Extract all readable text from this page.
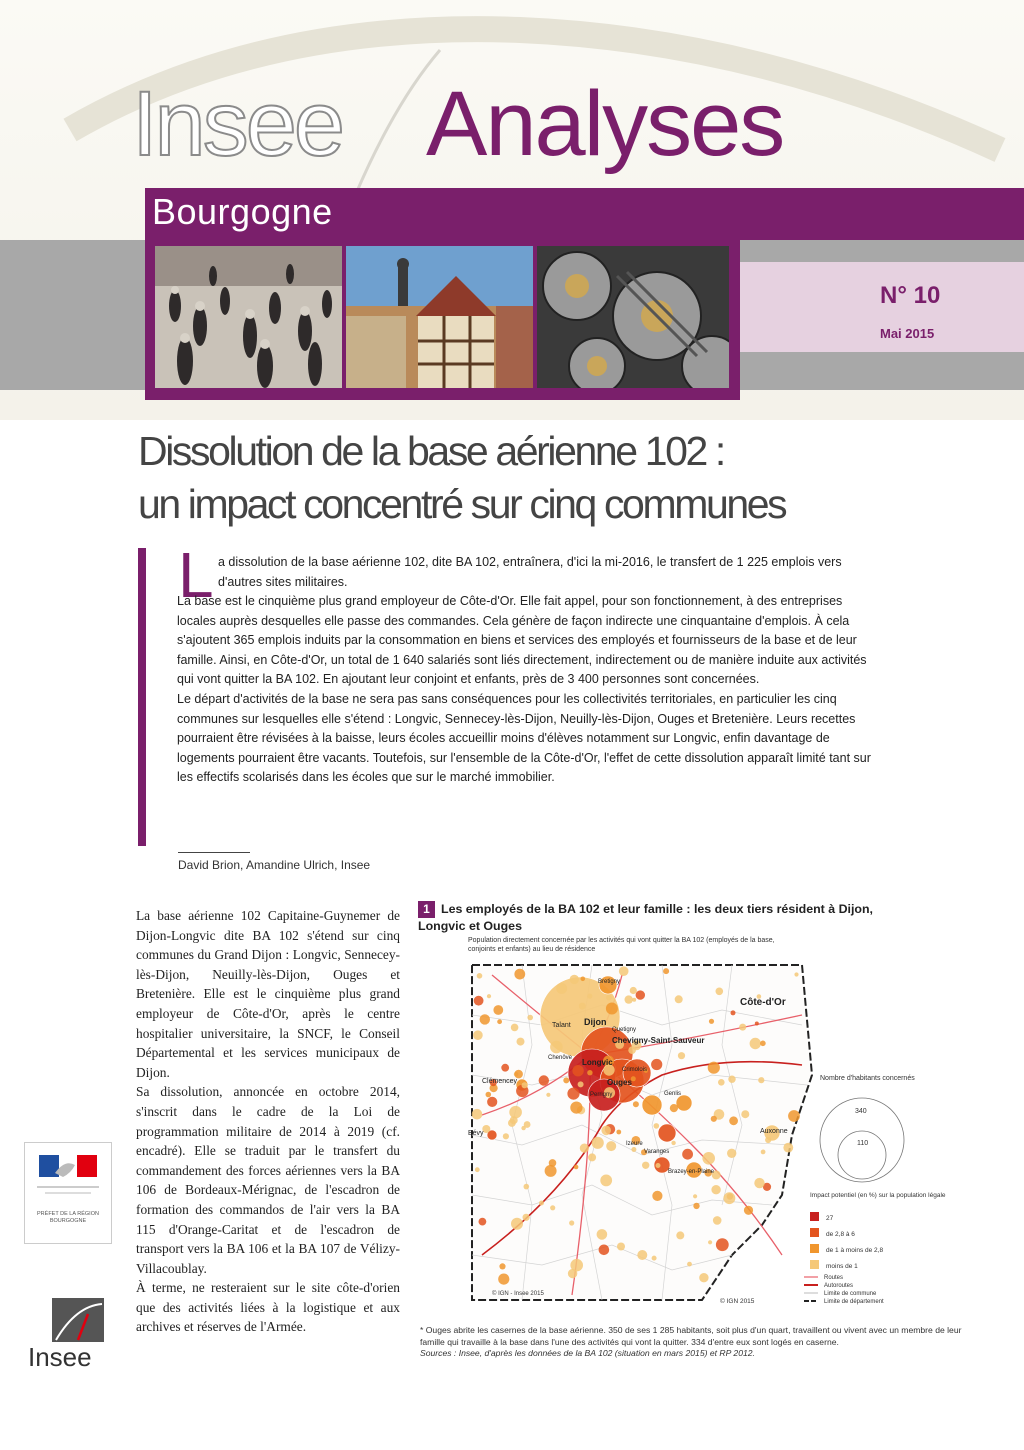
Insee Analyses
Bourgogne
N° 10
Mai 2015
Dissolution de la base aérienne 102 :
un impact concentré sur cinq communes
L a dissolution de la base aérienne 102, dite BA 102, entraînera, d'ici la mi-2016, le transfert de 1 225 emplois vers d'autres sites militaires.

La base est le cinquième plus grand employeur de Côte-d'Or. Elle fait appel, pour son fonctionnement, à des entreprises locales auprès desquelles elle passe des commandes. Cela génère de façon indirecte une cinquantaine d'emplois. À cela s'ajoutent 365 emplois induits par la consommation en biens et services des employés et fournisseurs de la base et de leur famille. Ainsi, en Côte-d'Or, un total de 1 640 salariés sont liés directement, indirectement ou de manière induite aux activités qui vont quitter la BA 102. En ajoutant leur conjoint et enfants, près de 3 400 personnes sont concernées.

Le départ d'activités de la base ne sera pas sans conséquences pour les collectivités territoriales, en particulier les cinq communes sur lesquelles elle s'étend : Longvic, Sennecey-lès-Dijon, Neuilly-lès-Dijon, Ouges et Bretenière. Leurs recettes pourraient être révisées à la baisse, leurs écoles accueillir moins d'élèves notamment sur Longvic, enfin davantage de logements pourraient être vacants. Toutefois, sur l'ensemble de la Côte-d'Or, l'effet de cette dissolution apparaît limité tant sur les effectifs scolarisés dans les écoles que sur le marché immobilier.

David Brion, Amandine Ulrich, Insee

La base aérienne 102 Capitaine-Guynemer de Dijon-Longvic dite BA 102 s'étend sur cinq communes du Grand Dijon : Longvic, Sennecey-lès-Dijon, Neuilly-lès-Dijon, Ouges et Bretenière. Elle est le cinquième plus grand employeur de Côte-d'Or, après le centre hospitalier universitaire, la SNCF, le Conseil Départemental et les services municipaux de Dijon.

Sa dissolution, annoncée en octobre 2014, s'inscrit dans le cadre de la Loi de programmation militaire de 2014 à 2019 (cf. encadré). Elle se traduit par le transfert du commandement des forces aériennes vers la BA 106 de Bordeaux-Mérignac, de l'escadron de formation des commandos de l'air vers la BA 115 d'Orange-Caritat et de l'escadron de transport vers la BA 106 et la BA 107 de Vélizy-Villacoublay.

À terme, ne resteraient sur le site côte-d'orien que des activités liées à la logistique et aux archives et réserves de l'Armée.

PRÉFET DE LA RÉGION BOURGOGNE
Insee
1 Les employés de la BA 102 et leur famille : les deux tiers résident à Dijon,
Longvic et Ouges
Population directement concernée par les activités qui vont quitter la BA 102 (employés de la base, conjoints et enfants) au lieu de résidence
Bretigny
Talant Dijon
Quetigny
Chevigny-Saint-Sauveur
Chenôve Longvic
Crimolois
Ouges
Perrigny
Clémencey
Genlis
Bévy
Izeure
Varanges
Auxonne
Brazey-en-Plaine
Nombre d'habitants concernés
340
110
Impact potentiel (en %) sur la population légale
27
de 2,8 à 6
de 1 à moins de 2,8
moins de 1
Routes
Autoroutes
Limite de commune
Limite de département
© IGN - Insee 2015
© IGN 2015
Côte-d'Or

* Ouges abrite les casernes de la base aérienne. 350 de ses 1 285 habitants, soit plus d'un quart, travaillent ou vivent avec un membre de leur famille qui travaille à la base dans l'une des activités qui vont la quitter. 334 d'entre eux sont logés en caserne.

Sources : Insee, d'après les données de la BA 102 (situation en mars 2015) et RP 2012.
